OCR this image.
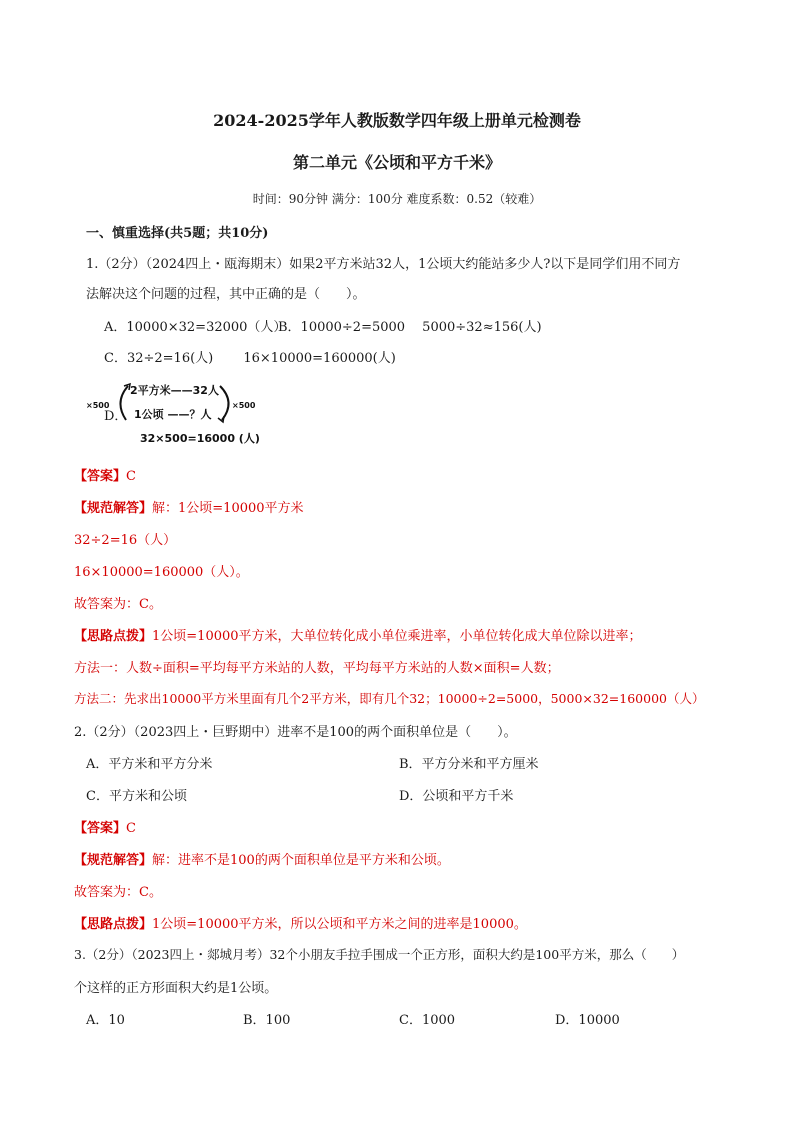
2024-2025学年人教版数学四年级上册单元检测卷
第二单元《公顷和平方千米》
时间：90分钟 满分：100分 难度系数：0.52（较难）
一、慎重选择(共5题；共10分)
1.（2分）（2024四上・瓯海期末）如果2平方米站32人，1公顷大约能站多少人?以下是同学们用不同方
法解决这个问题的过程，其中正确的是（　　）。
A．10000×32=32000（人）
B．10000÷2=5000　 5000÷32≈156(人)
C．32÷2=16(人)　　 16×10000=160000(人)
D．
×500	×500
2平方米——32人
1公顷 ——？人
32×500=16000 (人)
【答案】C
【规范解答】解：1公顷=10000平方米
32÷2=16（人）
16×10000=160000（人）。
故答案为：C。
【思路点拨】1公顷=10000平方米，大单位转化成小单位乘进率，小单位转化成大单位除以进率；
方法一：人数÷面积=平均每平方米站的人数，平均每平方米站的人数×面积=人数；
方法二：先求出10000平方米里面有几个2平方米，即有几个32；10000÷2=5000，5000×32=160000（人）
2.（2分）（2023四上・巨野期中）进率不是100的两个面积单位是（　　）。
A．平方米和平方分米	B．平方分米和平方厘米
C．平方米和公顷	D．公顷和平方千米
【答案】C
【规范解答】解：进率不是100的两个面积单位是平方米和公顷。
故答案为：C。
【思路点拨】1公顷=10000平方米，所以公顷和平方米之间的进率是10000。
3.（2分）（2023四上・郯城月考）32个小朋友手拉手围成一个正方形，面积大约是100平方米，那么（　　）
个这样的正方形面积大约是1公顷。
A．10	B．100	C．1000	D．10000
